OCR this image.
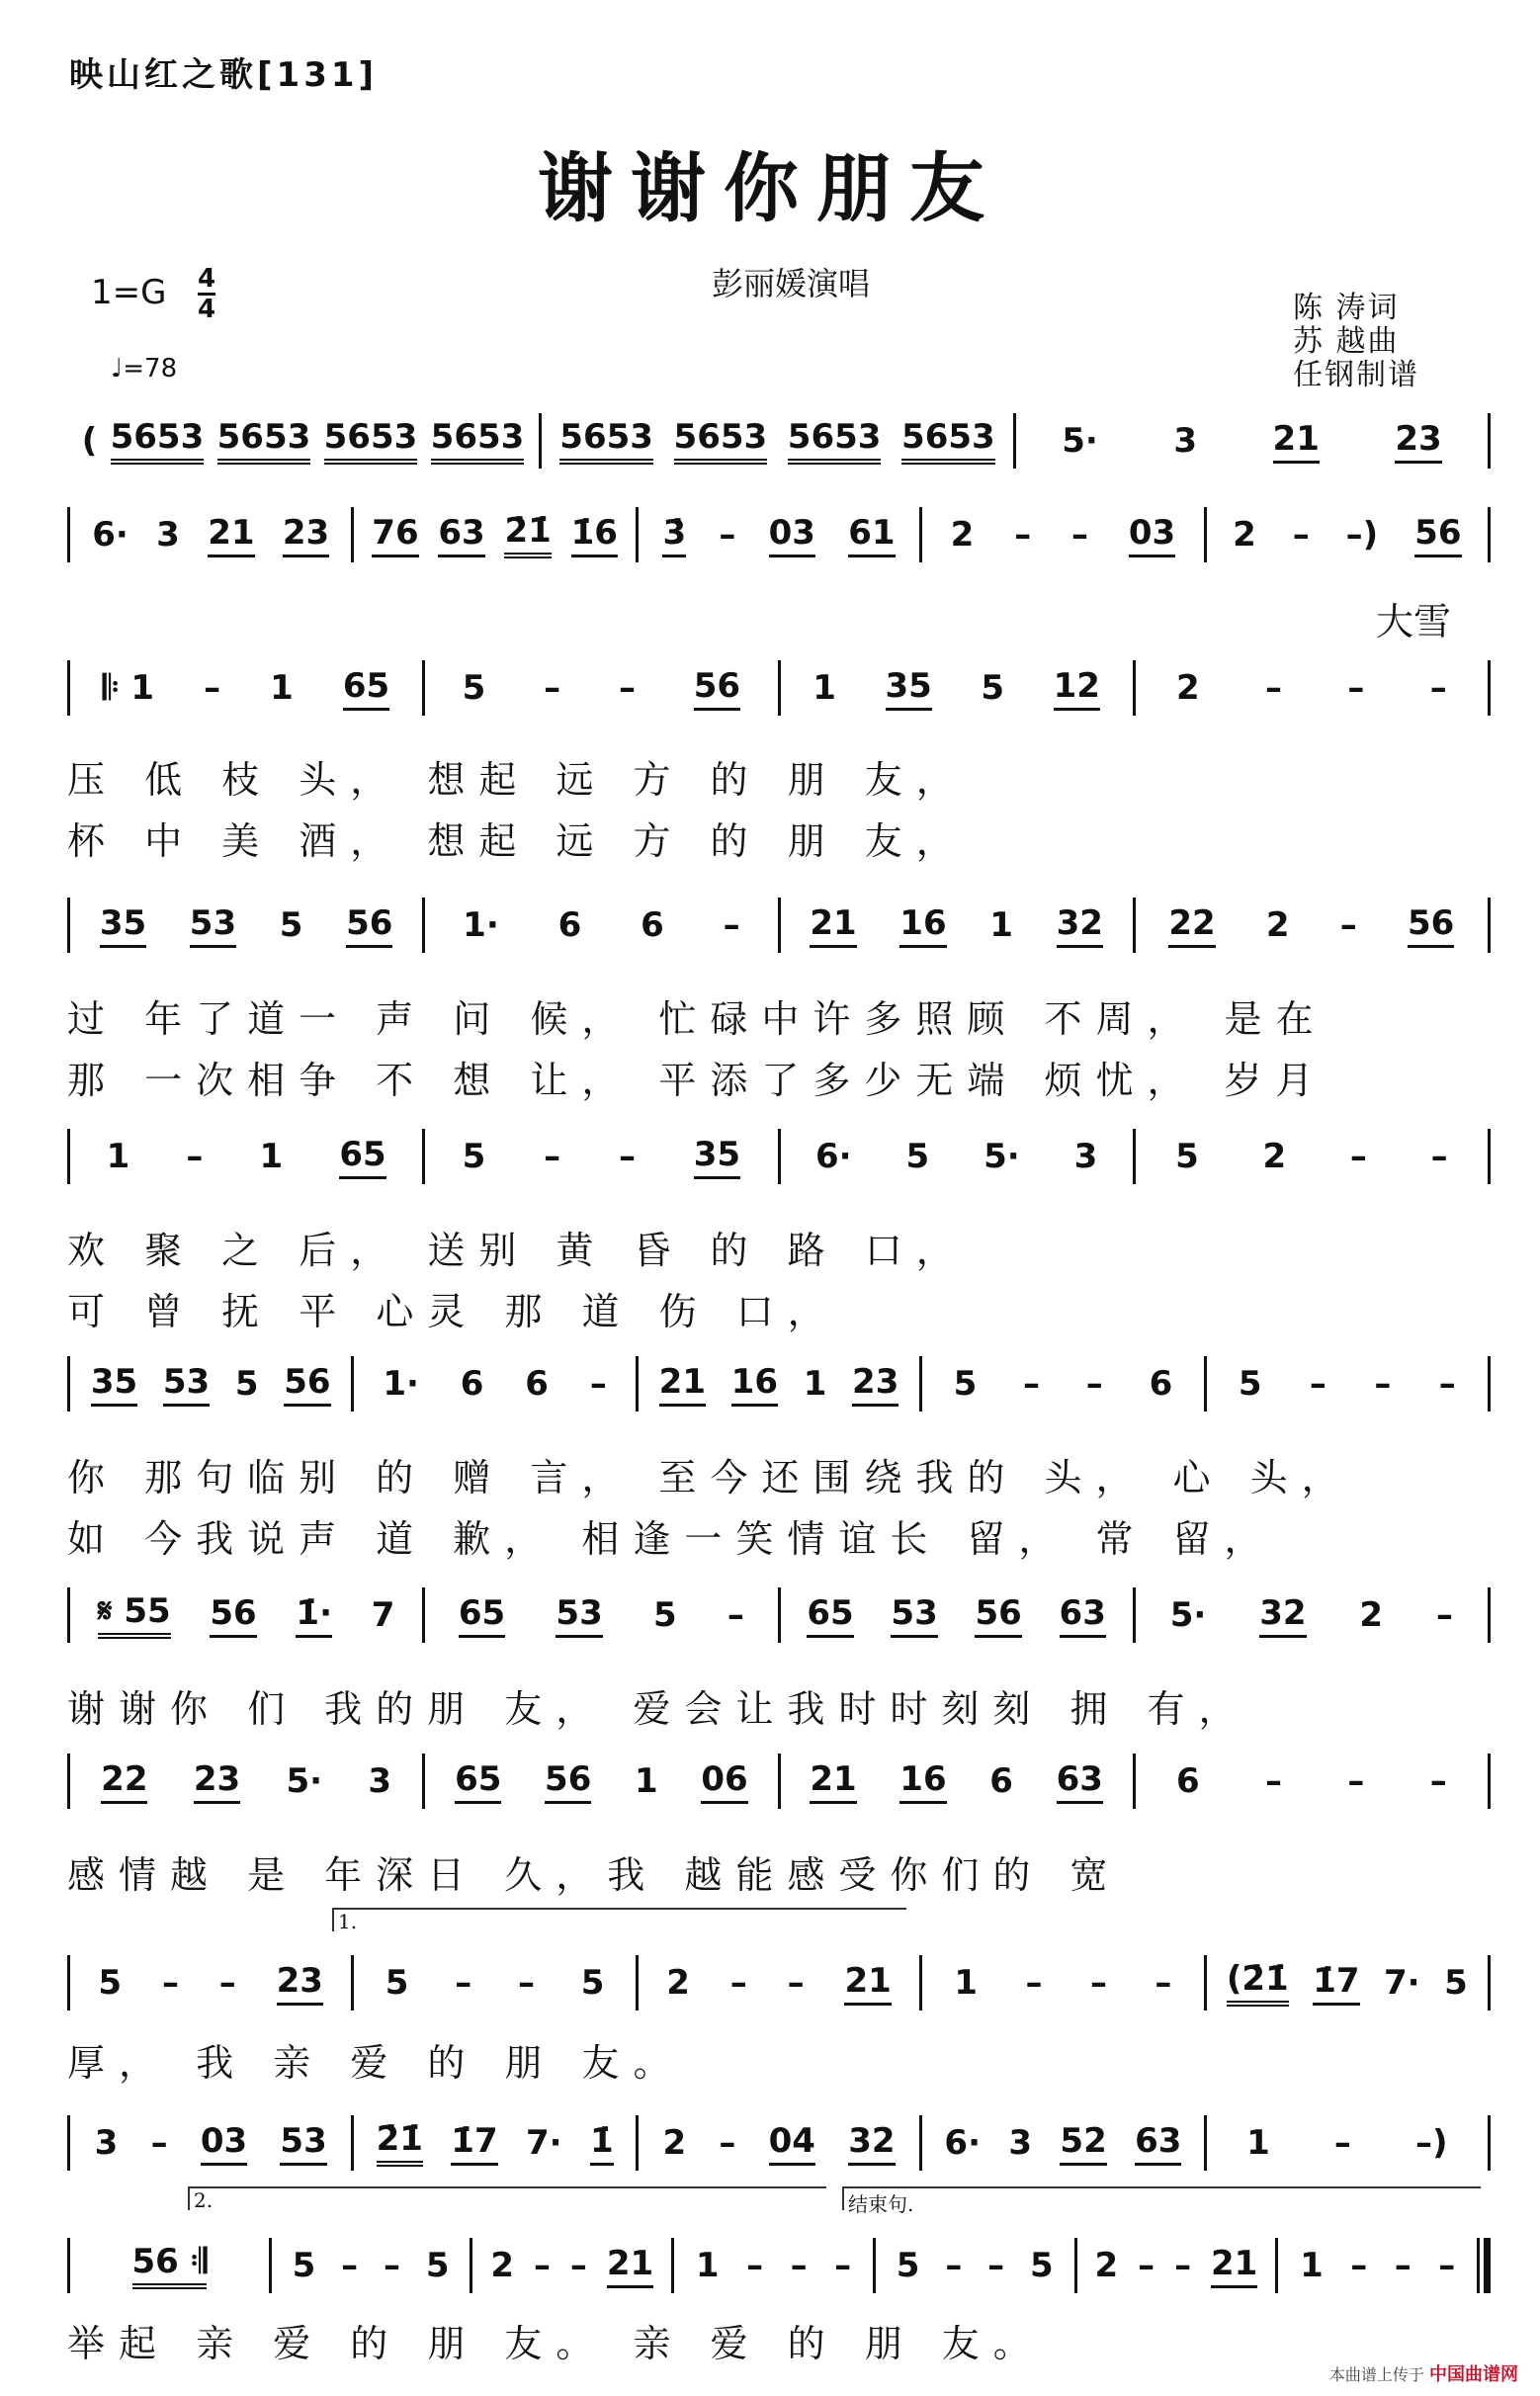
映山红之歌[131]
谢谢你朋友
彭丽媛演唱
陈 涛词
苏 越曲
任钢制谱
1=G 4
4
♩=78
( 5653 5653 5653 5653 5653 5653 5653 5653 5· 3 21 23
6· 3 21 23 76 63 2̇1̇ 1̇6 3̇ – 03 61 2 – – 03 2 – –) 56
𝄆 1 – 1 65 5 – – 56 1 35 5 12 2 – – –
35 53 5 56 1· 6 6 – 21 16 1 32 22 2 – 56
1 – 1 65 5 – – 35 6· 5 5· 3 5 2 – –
35 53 5 56 1· 6 6 – 21 16 1 23 5 – – 6 5 – – –
𝄋 55 56 1̇· 7 65 53 5 – 65 53 56 63 5· 32 2 –
22 23 5· 3 65 56 1 06 21 16 6 63 6 – – –
5 – – 23 5 – – 5 2 – – 21 1 – – – (2̇1̇ 1̇7 7· 5
3 – 03 53 2̇1̇ 1̇7 7· 1̇ 2 – 04 32 6· 3 52 63 1 – –)
56 𝄇	5 – – 5 2 – – 21 1 – – – 5 – – 5 2 – – 21 1 – – –
大雪
压 低 枝 头， 想起 远 方 的 朋 友，
杯 中 美 酒， 想起 远 方 的 朋 友，
过 年了道一 声 问 候， 忙碌中许多照顾 不周， 是在
那 一次相争 不 想 让， 平添了多少无端 烦忧， 岁月
欢 聚 之 后， 送别 黄 昏 的 路 口，
可 曾 抚 平 心灵 那 道 伤 口，
你 那句临别 的 赠 言， 至今还围绕我的 头， 心 头，
如 今我说声 道 歉， 相逢一笑情谊长 留， 常 留，
谢谢你 们 我的朋 友， 爱会让我时时刻刻 拥 有，
感情越 是 年深日 久，我 越能感受你们的 宽
厚， 我 亲 爱 的 朋 友。
举起 亲 爱 的 朋 友。 亲 爱 的 朋 友。
1.
2.	结束句.
本曲谱上传于 中国曲谱网
